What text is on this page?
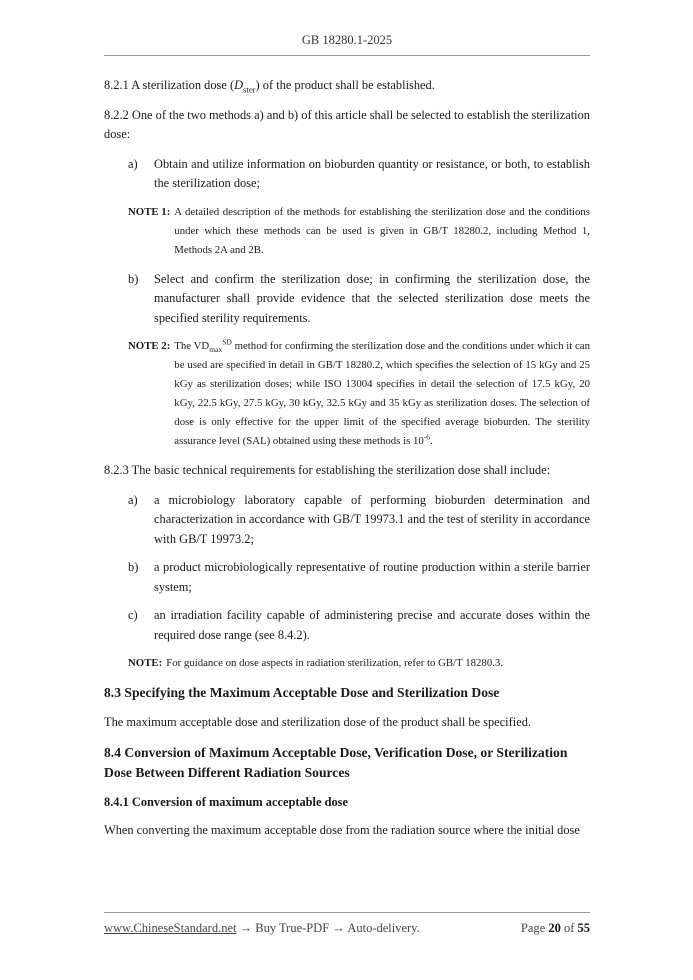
GB 18280.1-2025

8.2.1 A sterilization dose $(D_{ster})$ of the product shall be established.

8.2.2 One of the two methods a) and b) of this article shall be selected to establish the sterilization dose:

a)	Obtain and utilize information on bioburden quantity or resistance, or both, to establish the sterilization dose;
NOTE 1: A detailed description of the methods for establishing the sterilization dose and the conditions under which these methods can be used is given in GB/T 18280.2, including Method 1, Methods 2A and 2B.
b)	Select and confirm the sterilization dose; in confirming the sterilization dose, the manufacturer shall provide evidence that the selected sterilization dose meets the specified sterility requirements.
NOTE 2: The $VD_{max}^{SD}$ method for confirming the sterilization dose and the conditions under which it can be used are specified in detail in GB/T 18280.2, which specifies the selection of 15 kGy and 25 kGy as sterilization doses; while ISO 13004 specifies in detail the selection of 17.5 kGy, 20 kGy, 22.5 kGy, 27.5 kGy, 30 kGy, 32.5 kGy and 35 kGy as sterilization doses. The selection of dose is only effective for the upper limit of the specified average bioburden. The sterility assurance level (SAL) obtained using these methods is $10^{-6}$.

8.2.3 The basic technical requirements for establishing the sterilization dose shall include:

a)	a microbiology laboratory capable of performing bioburden determination and characterization in accordance with GB/T 19973.1 and the test of sterility in accordance with GB/T 19973.2;
b)	a product microbiologically representative of routine production within a sterile barrier system;
c)	an irradiation facility capable of administering precise and accurate doses within the required dose range (see 8.4.2).
NOTE: For guidance on dose aspects in radiation sterilization, refer to GB/T 18280.3.
8.3 Specifying the Maximum Acceptable Dose and Sterilization Dose

The maximum acceptable dose and sterilization dose of the product shall be specified.

8.4 Conversion of Maximum Acceptable Dose, Verification Dose, or Sterilization Dose Between Different Radiation Sources
8.4.1 Conversion of maximum acceptable dose

When converting the maximum acceptable dose from the radiation source where the initial dose

www.ChineseStandard.net → Buy True-PDF → Auto-delivery.	Page 20 of 55
